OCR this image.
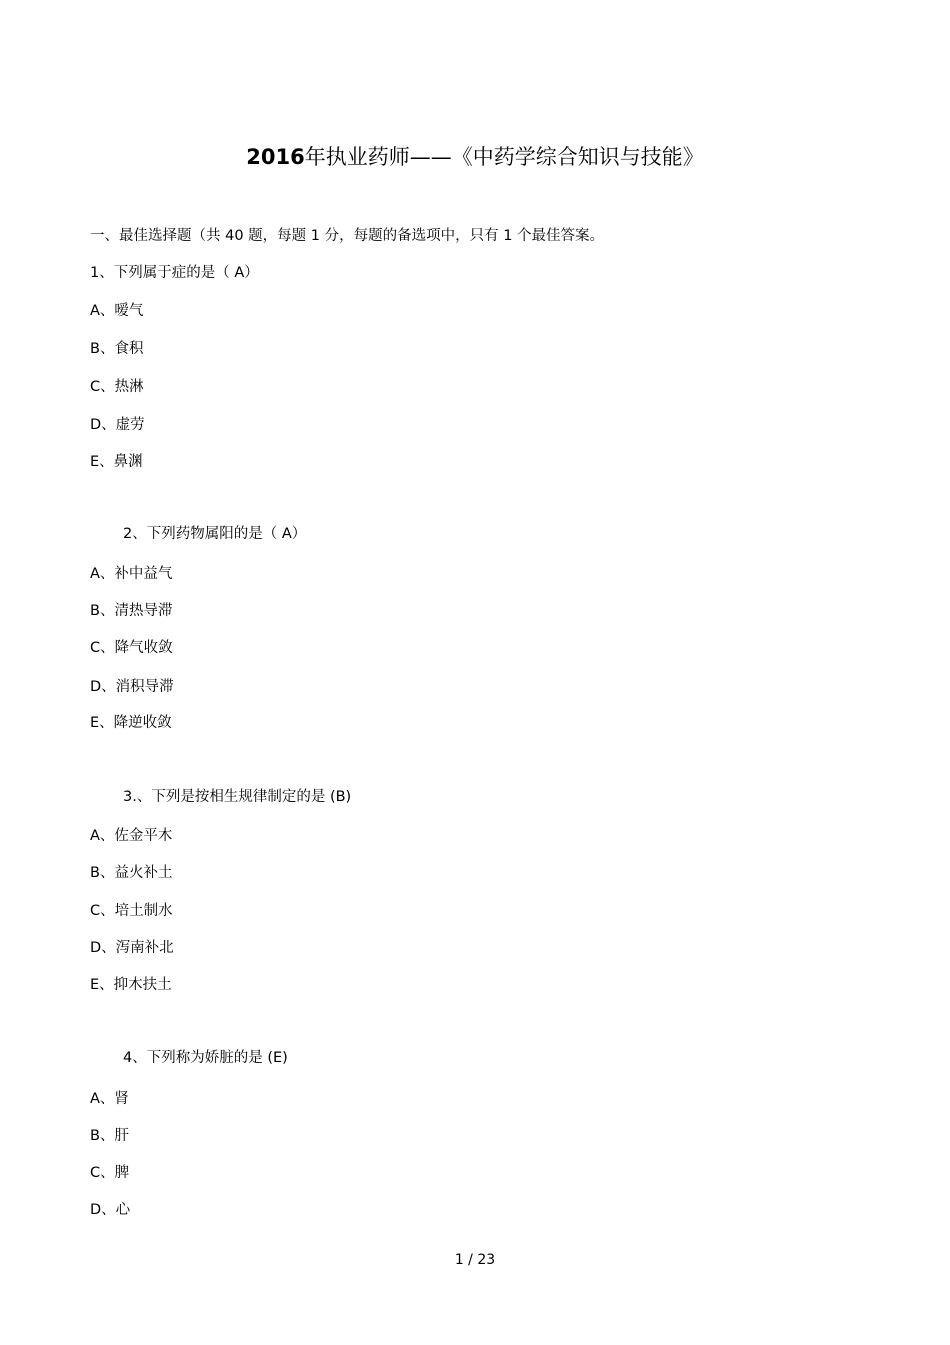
2016年执业药师——《中药学综合知识与技能》
一、最佳选择题（共 40 题，每题 1 分，每题的备选项中，只有 1 个最佳答案。
1、下列属于症的是（ A）
A、嗳气
B、食积
C、热淋
D、虚劳
E、鼻渊
2、下列药物属阳的是（ A）
A、补中益气
B、清热导滞
C、降气收敛
D、消积导滞
E、降逆收敛
3.、下列是按相生规律制定的是 (B)
A、佐金平木
B、益火补土
C、培土制水
D、泻南补北
E、抑木扶土
4、下列称为娇脏的是 (E)
A、肾
B、肝
C、脾
D、心
1 / 23
